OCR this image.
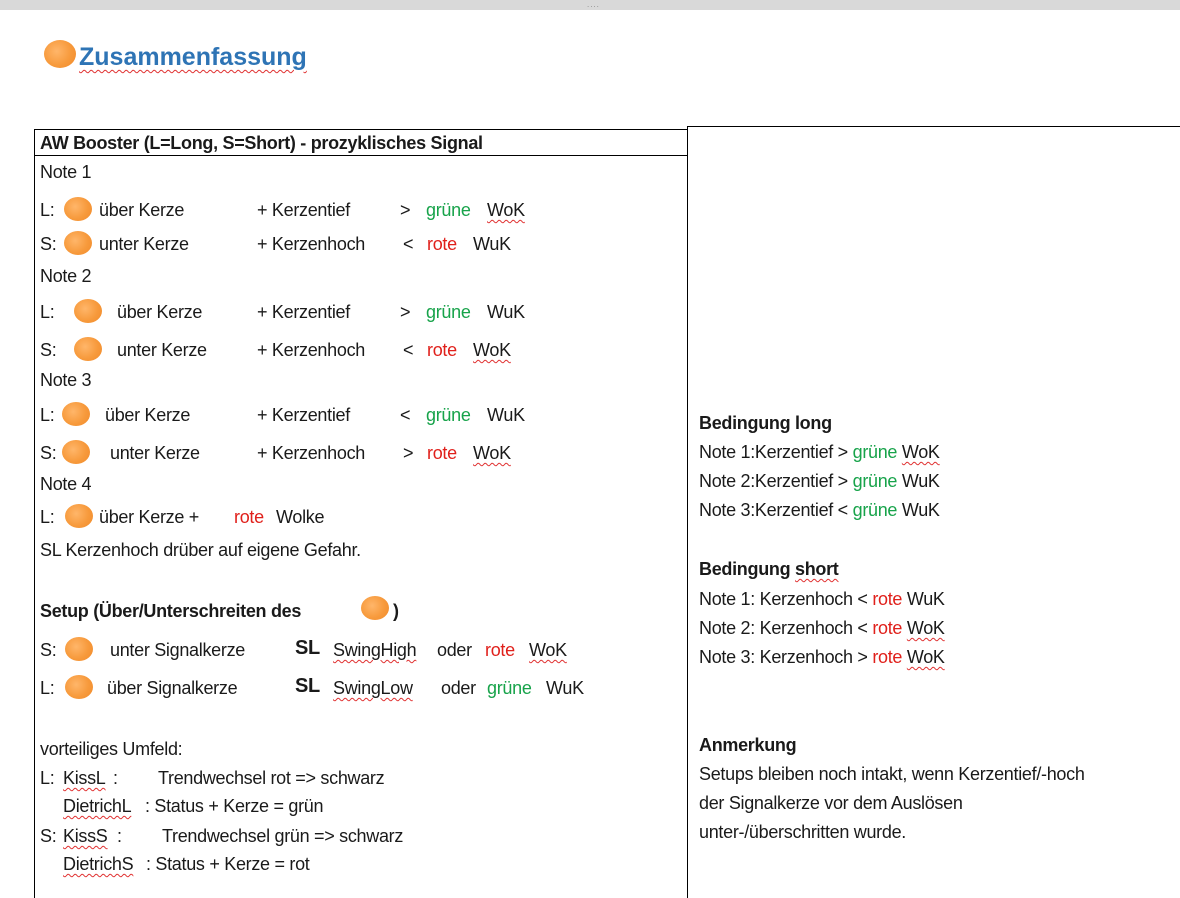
....
Zusammenfassung
AW Booster (L=Long, S=Short) - prozyklisches Signal
Note 1
L: über Kerze	+ Kerzentief	> grüne WoK
S: unter Kerze	+ Kerzenhoch < rote WuK
Note 2
L:	über Kerze	+ Kerzentief	> grüne WuK
S:	unter Kerze	+ Kerzenhoch < rote WoK
Note 3
L:	über Kerze	+ Kerzentief	< grüne WuK
S:	unter Kerze	+ Kerzenhoch > rote WoK
Note 4
L: über Kerze + rote Wolke
SL Kerzenhoch drüber auf eigene Gefahr.
Setup (Über/Unterschreiten des	)
S:	unter Signalkerze	SL SwingHigh oder rote WoK
L:	über Signalkerze	SL SwingLow oder grüne WuK
vorteiliges Umfeld:
L: KissL : Trendwechsel rot => schwarz
DietrichL : Status + Kerze = grün
S: KissS : Trendwechsel grün => schwarz
DietrichS : Status + Kerze = rot
Bedingung long
Note 1:Kerzentief > grüne WoK
Note 2:Kerzentief > grüne WuK
Note 3:Kerzentief < grüne WuK
Bedingung short
Note 1: Kerzenhoch < rote WuK
Note 2: Kerzenhoch < rote WoK
Note 3: Kerzenhoch > rote WoK
Anmerkung
Setups bleiben noch intakt, wenn Kerzentief/-hoch
der Signalkerze vor dem Auslösen
unter-/überschritten wurde.
